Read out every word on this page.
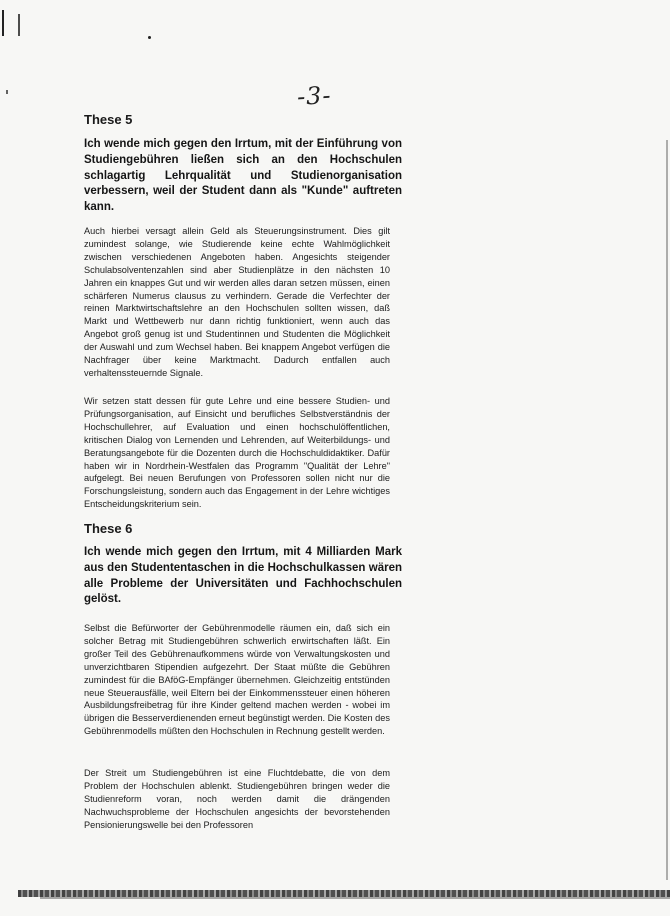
-3-
These 5

Ich wende mich gegen den Irrtum, mit der Einführung von Studiengebühren ließen sich an den Hochschulen schlagartig Lehrqualität und Studienorganisation verbessern, weil der Student dann als "Kunde" auftreten kann.

Auch hierbei versagt allein Geld als Steuerungsinstrument. Dies gilt zumindest solange, wie Studierende keine echte Wahlmöglichkeit zwischen verschiedenen Angeboten haben. Angesichts steigender Schulabsolventenzahlen sind aber Studienplätze in den nächsten 10 Jahren ein knappes Gut und wir werden alles daran setzen müssen, einen schärferen Numerus clausus zu verhindern. Gerade die Verfechter der reinen Marktwirtschaftslehre an den Hochschulen sollten wissen, daß Markt und Wettbewerb nur dann richtig funktioniert, wenn auch das Angebot groß genug ist und Studentinnen und Studenten die Möglichkeit der Auswahl und zum Wechsel haben. Bei knappem Angebot verfügen die Nachfrager über keine Marktmacht. Dadurch entfallen auch verhaltenssteuernde Signale.

Wir setzen statt dessen für gute Lehre und eine bessere Studien- und Prüfungsorganisation, auf Einsicht und berufliches Selbstverständnis der Hochschullehrer, auf Evaluation und einen hochschulöffentlichen, kritischen Dialog von Lernenden und Lehrenden, auf Weiterbildungs- und Beratungsangebote für die Dozenten durch die Hochschuldidaktiker. Dafür haben wir in Nordrhein-Westfalen das Programm "Qualität der Lehre" aufgelegt. Bei neuen Berufungen von Professoren sollen nicht nur die Forschungsleistung, sondern auch das Engagement in der Lehre wichtiges Entscheidungskriterium sein.

These 6

Ich wende mich gegen den Irrtum, mit 4 Milliarden Mark aus den Studententaschen in die Hochschulkassen wären alle Probleme der Universitäten und Fachhochschulen gelöst.

Selbst die Befürworter der Gebührenmodelle räumen ein, daß sich ein solcher Betrag mit Studiengebühren schwerlich erwirtschaften läßt. Ein großer Teil des Gebührenaufkommens würde von Verwaltungskosten und unverzichtbaren Stipendien aufgezehrt. Der Staat müßte die Gebühren zumindest für die BAföG-Empfänger übernehmen. Gleichzeitig entstünden neue Steuerausfälle, weil Eltern bei der Einkommenssteuer einen höheren Ausbildungsfreibetrag für ihre Kinder geltend machen werden - wobei im übrigen die Besserverdienenden erneut begünstigt werden. Die Kosten des Gebührenmodells müßten den Hochschulen in Rechnung gestellt werden.

Der Streit um Studiengebühren ist eine Fluchtdebatte, die von dem Problem der Hochschulen ablenkt. Studiengebühren bringen weder die Studienreform voran, noch werden damit die drängenden Nachwuchsprobleme der Hochschulen angesichts der bevorstehenden Pensionierungswelle bei den Professoren
